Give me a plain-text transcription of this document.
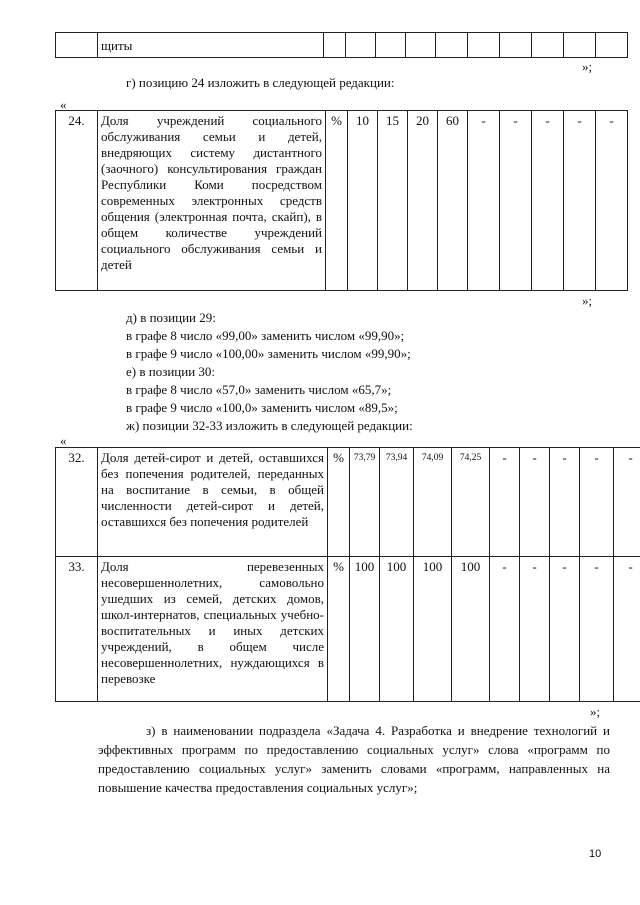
	щиты										
»;
г) позицию 24 изложить в следующей редакции:
«
24.	Доля учреждений социального обслуживания семьи и детей, внедряющих систему дистантного (заочного) консультирования граждан Республики Коми посредством современных электронных средств общения (электронная почта, скайп), в общем количестве учреждений социального обслуживания семьи и детей	%	10	15	20	60	-	-	-	-	-
»;
д) в позиции 29:
в графе 8 число «99,00» заменить числом «99,90»;
в графе 9 число «100,00» заменить числом «99,90»;
е) в позиции 30:
в графе 8 число «57,0» заменить числом «65,7»;
в графе 9 число «100,0» заменить числом «89,5»;
ж) позиции 32-33 изложить в следующей редакции:
«
32.	Доля детей-сирот и детей, оставшихся без попечения родителей, переданных на воспитание в семьи, в общей численности детей-сирот и детей, оставшихся без попечения родителей	%	73,79	73,94	74,09	74,25	-	-	-	-	-
33.	Доля перевезенных несовершеннолетних, самовольно ушедших из семей, детских домов, школ-интернатов, специальных учебно-воспитательных и иных детских учреждений, в общем числе несовершеннолетних, нуждающихся в перевозке	%	100	100	100	100	-	-	-	-	-
»;
з) в наименовании подраздела «Задача 4. Разработка и внедрение технологий и эффективных программ по предоставлению социальных услуг» слова «программ по предоставлению социальных услуг» заменить словами «программ, направленных на повышение качества предоставления социальных услуг»;
10
